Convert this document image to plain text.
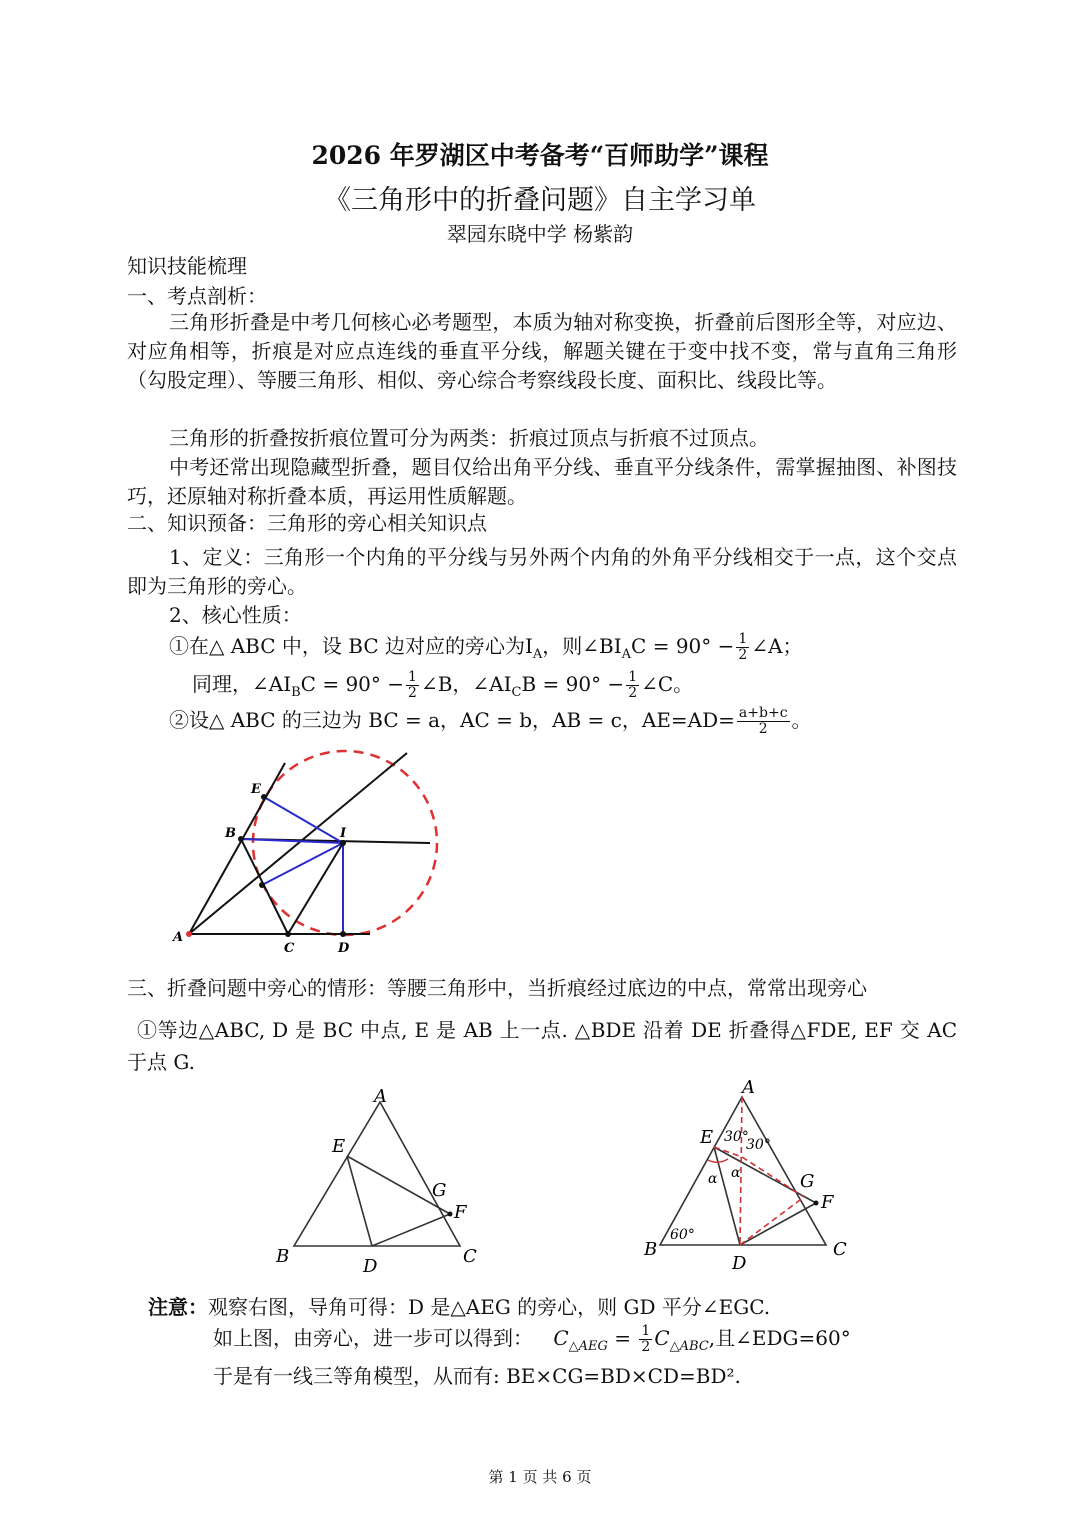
2026 年罗湖区中考备考“百师助学”课程
《三角形中的折叠问题》自主学习单
翠园东晓中学 杨紫韵
知识技能梳理
一、考点剖析：
三角形折叠是中考几何核心必考题型，本质为轴对称变换，折叠前后图形全等，对应边、对应角相等，折痕是对应点连线的垂直平分线，解题关键在于变中找不变，常与直角三角形（勾股定理）、等腰三角形、相似、旁心综合考察线段长度、面积比、线段比等。
三角形的折叠按折痕位置可分为两类：折痕过顶点与折痕不过顶点。
中考还常出现隐藏型折叠，题目仅给出角平分线、垂直平分线条件，需掌握抽图、补图技巧，还原轴对称折叠本质，再运用性质解题。
二、知识预备：三角形的旁心相关知识点
1、定义：三角形一个内角的平分线与另外两个内角的外角平分线相交于一点，这个交点即为三角形的旁心。
2、核心性质：
①在△ ABC 中，设 BC 边对应的旁心为$I_A$，则$\angle BI_AC = 90^\circ - \frac{1}{2}$ ∠A；
同理，$\angle AI_BC = 90^\circ - \frac{1}{2}$ ∠B，$\angle AI_CB = 90^\circ - \frac{1}{2}$ ∠C。
②设△ ABC 的三边为 BC = a，AC = b，AB = c，$AE=AD= \frac{a+b+c}{2}$ 。
E
B	I
A
C	D
三、折叠问题中旁心的情形：等腰三角形中，当折痕经过底边的中点，常常出现旁心
①等边△ABC, D 是 BC 中点, E 是 AB 上一点. △BDE 沿着 DE 折叠得△FDE, EF 交 AC 于点 G.
A
E
G
F
B	D	C
A
E 30°
30°
α α	G
F
60°
B
D
C
注意：观察右图，导角可得：D 是△AEG 的旁心，则 GD 平分∠EGC.
如上图，由旁心，进一步可以得到： $C_{\triangle AEG} = \frac{1}{2} C_{\triangle ABC}$,且∠EDG=60°
于是有一线三等角模型，从而有: BE×CG=BD×CD=BD².
第 1 页 共 6 页
